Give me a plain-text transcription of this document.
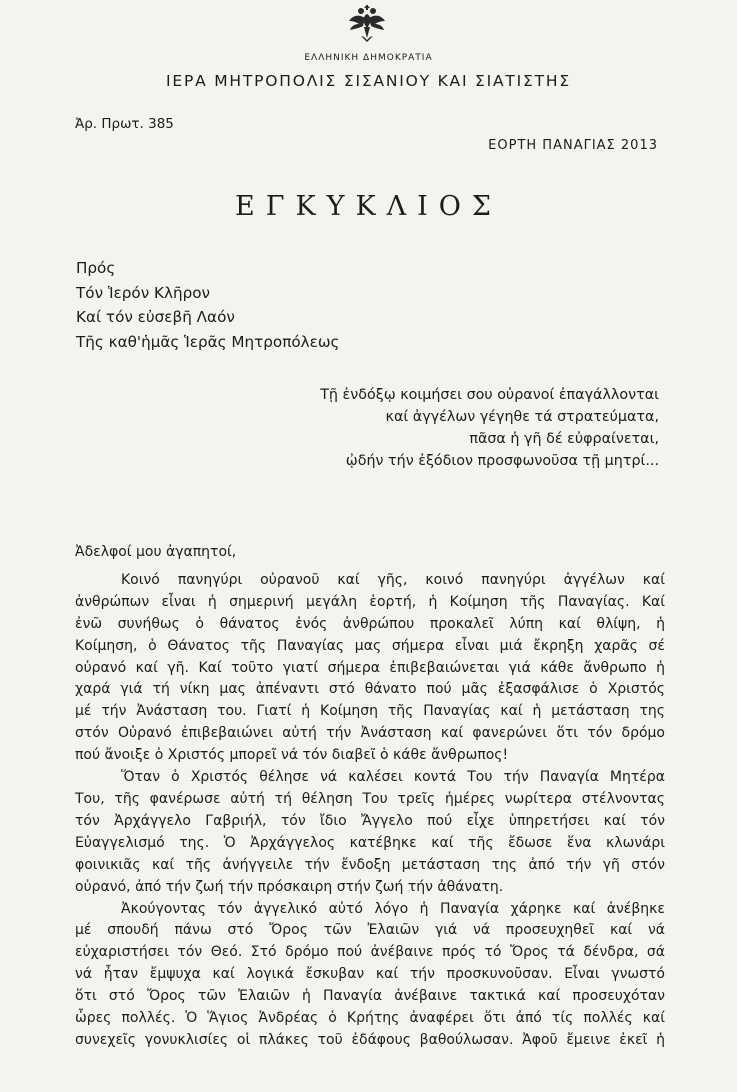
ΕΛΛΗΝΙΚΗ ΔΗΜΟΚΡΑΤΙΑ
ΙΕΡΑ ΜΗΤΡΟΠΟΛΙΣ ΣΙΣΑΝΙΟΥ ΚΑΙ ΣΙΑΤΙΣΤΗΣ
Ἀρ. Πρωτ. 385
ΕΟΡΤΗ ΠΑΝΑΓΙΑΣ 2013
ΕΓΚΥΚΛΙΟΣ
Πρός
Τόν Ἱερόν Κλῆρον
Καί τόν εὐσεβῆ Λαόν
Τῆς καθ'ἡμᾶς Ἱερᾶς Μητροπόλεως
Τῇ ἐνδόξῳ κοιμήσει σου οὐρανοί ἐπαγάλλονται
καί ἀγγέλων γέγηθε τά στρατεύματα,
πᾶσα ἡ γῆ δέ εὐφραίνεται,
ᾠδήν τήν ἐξόδιον προσφωνοῦσα τῇ μητρί...
Ἀδελφοί μου ἀγαπητοί,
Κοινό πανηγύρι οὐρανοῦ καί γῆς, κοινό πανηγύρι ἀγγέλων καί
ἀνθρώπων εἶναι ἡ σημερινή μεγάλη ἑορτή, ἡ Κοίμηση τῆς Παναγίας. Καί
ἐνῶ συνήθως ὁ θάνατος ἑνός ἀνθρώπου προκαλεῖ λύπη καί θλίψη, ἡ
Κοίμηση, ὁ Θάνατος τῆς Παναγίας μας σήμερα εἶναι μιά ἔκρηξη χαρᾶς σέ
οὐρανό καί γῆ. Καί τοῦτο γιατί σήμερα ἐπιβεβαιώνεται γιά κάθε ἄνθρωπο ἡ
χαρά γιά τή νίκη μας ἀπέναντι στό θάνατο πού μᾶς ἐξασφάλισε ὁ Χριστός
μέ τήν Ἀνάσταση του. Γιατί ἡ Κοίμηση τῆς Παναγίας καί ἡ μετάσταση της
στόν Οὐρανό ἐπιβεβαιώνει αὐτή τήν Ἀνάσταση καί φανερώνει ὅτι τόν δρόμο
πού ἄνοιξε ὁ Χριστός μπορεῖ νά τόν διαβεῖ ὁ κάθε ἄνθρωπος!
Ὅταν ὁ Χριστός θέλησε νά καλέσει κοντά Του τήν Παναγία Μητέρα
Του, τῆς φανέρωσε αὐτή τή θέληση Του τρεῖς ἡμέρες νωρίτερα στέλνοντας
τόν Ἀρχάγγελο Γαβριήλ, τόν ἴδιο Ἄγγελο πού εἶχε ὑπηρετήσει καί τόν
Εὐαγγελισμό της. Ὁ Ἀρχάγγελος κατέβηκε καί τῆς ἔδωσε ἕνα κλωνάρι
φοινικιᾶς καί τῆς ἀνήγγειλε τήν ἔνδοξη μετάσταση της ἀπό τήν γῆ στόν
οὐρανό, ἀπό τήν ζωή τήν πρόσκαιρη στήν ζωή τήν ἀθάνατη.
Ἀκούγοντας τόν ἀγγελικό αὐτό λόγο ἡ Παναγία χάρηκε καί ἀνέβηκε
μέ σπουδή πάνω στό Ὄρος τῶν Ἐλαιῶν γιά νά προσευχηθεῖ καί νά
εὐχαριστήσει τόν Θεό. Στό δρόμο πού ἀνέβαινε πρός τό Ὄρος τά δένδρα, σά
νά ἦταν ἔμψυχα καί λογικά ἔσκυβαν καί τήν προσκυνοῦσαν. Εἶναι γνωστό
ὅτι στό Ὄρος τῶν Ἐλαιῶν ἡ Παναγία ἀνέβαινε τακτικά καί προσευχόταν
ὧρες πολλές. Ὁ Ἅγιος Ἀνδρέας ὁ Κρήτης ἀναφέρει ὅτι ἀπό τίς πολλές καί
συνεχεῖς γονυκλισίες οἱ πλάκες τοῦ ἐδάφους βαθούλωσαν. Ἀφοῦ ἔμεινε ἐκεῖ ἡ
